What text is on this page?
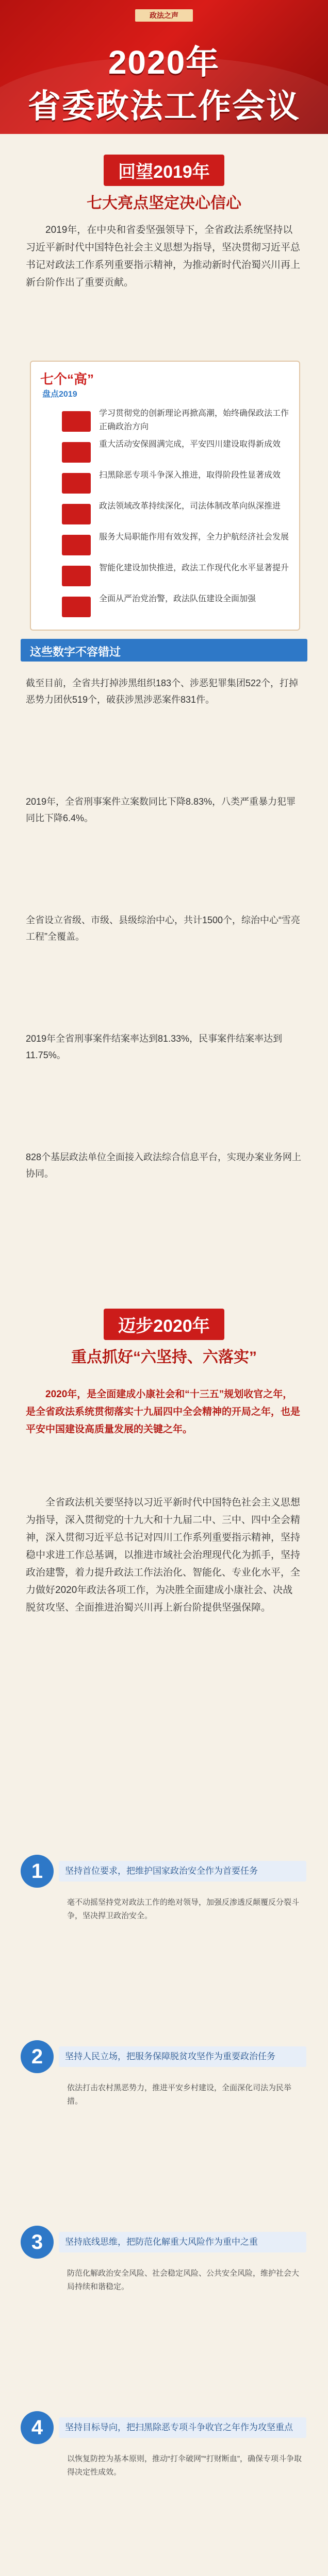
政法之声
2020年
省委政法工作会议
回望2019年
七大亮点坚定决心信心
2019年，在中央和省委坚强领导下，全省政法系统坚持以习近平新时代中国特色社会主义思想为指导，坚决贯彻习近平总书记对政法工作系列重要指示精神，为推动新时代治蜀兴川再上新台阶作出了重要贡献。
七个“高”
盘点2019
学习贯彻党的创新理论再掀高潮，始终确保政法工作正确政治方向
重大活动安保圆满完成，平安四川建设取得新成效
扫黑除恶专项斗争深入推进，取得阶段性显著成效
政法领域改革持续深化，司法体制改革向纵深推进
服务大局职能作用有效发挥，全力护航经济社会发展
智能化建设加快推进，政法工作现代化水平显著提升
全面从严治党治警，政法队伍建设全面加强
这些数字不容错过
截至目前，全省共打掉涉黑组织183个、涉恶犯罪集团522个，打掉恶势力团伙519个，破获涉黑涉恶案件831件。
2019年，全省刑事案件立案数同比下降8.83%，八类严重暴力犯罪同比下降6.4%。
全省设立省级、市级、县级综治中心，共计1500个，综治中心“雪亮工程”全覆盖。
2019年全省刑事案件结案率达到81.33%，民事案件结案率达到11.75%。
828个基层政法单位全面接入政法综合信息平台，实现办案业务网上协同。
迈步2020年
重点抓好“六坚持、六落实”
2020年，是全面建成小康社会和“十三五”规划收官之年，是全省政法系统贯彻落实十九届四中全会精神的开局之年，也是平安中国建设高质量发展的关键之年。
全省政法机关要坚持以习近平新时代中国特色社会主义思想为指导，深入贯彻党的十九大和十九届二中、三中、四中全会精神，深入贯彻习近平总书记对四川工作系列重要指示精神，坚持稳中求进工作总基调，以推进市域社会治理现代化为抓手，坚持政治建警，着力提升政法工作法治化、智能化、专业化水平，全力做好2020年政法各项工作，为决胜全面建成小康社会、决战脱贫攻坚、全面推进治蜀兴川再上新台阶提供坚强保障。
1	坚持首位要求，把维护国家政治安全作为首要任务
毫不动摇坚持党对政法工作的绝对领导，加强反渗透反颠覆反分裂斗争，坚决捍卫政治安全。
2	坚持人民立场，把服务保障脱贫攻坚作为重要政治任务
依法打击农村黑恶势力，推进平安乡村建设，全面深化司法为民举措。
3	坚持底线思维，把防范化解重大风险作为重中之重
防范化解政治安全风险、社会稳定风险、公共安全风险，维护社会大局持续和谐稳定。
4	坚持目标导向，把扫黑除恶专项斗争收官之年作为攻坚重点
以恢复防控为基本原则，推动“打伞破网”“打财断血”，确保专项斗争取得决定性成效。
